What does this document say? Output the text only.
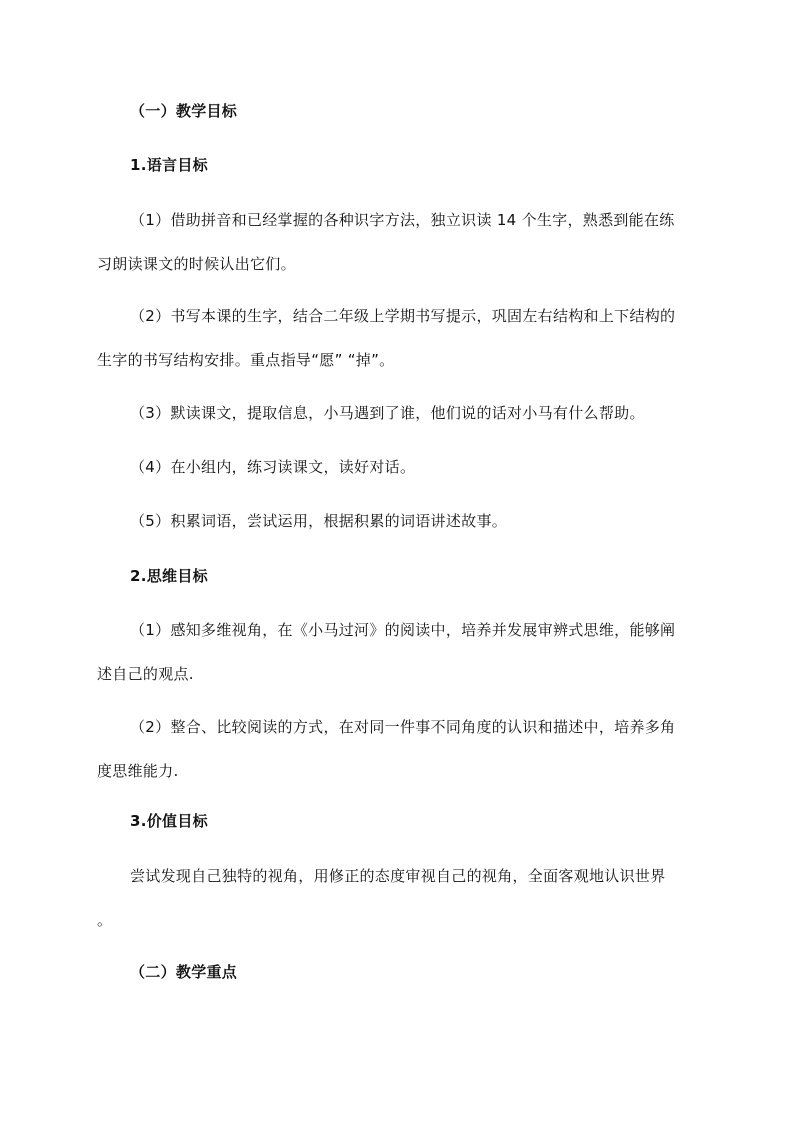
（一）教学目标
1.语言目标
（1）借助拼音和已经掌握的各种识字方法，独立识读 14 个生字，熟悉到能在练
习朗读课文的时候认出它们。
（2）书写本课的生字，结合二年级上学期书写提示，巩固左右结构和上下结构的
生字的书写结构安排。重点指导“愿” “掉”。
（3）默读课文，提取信息，小马遇到了谁，他们说的话对小马有什么帮助。
（4）在小组内，练习读课文，读好对话。
（5）积累词语，尝试运用，根据积累的词语讲述故事。
2.思维目标
（1）感知多维视角，在《小马过河》的阅读中，培养并发展审辨式思维，能够阐
述自己的观点.
（2）整合、比较阅读的方式，在对同一件事不同角度的认识和描述中，培养多角
度思维能力.
3.价值目标
尝试发现自己独特的视角，用修正的态度审视自己的视角，全面客观地认识世界
。
（二）教学重点
